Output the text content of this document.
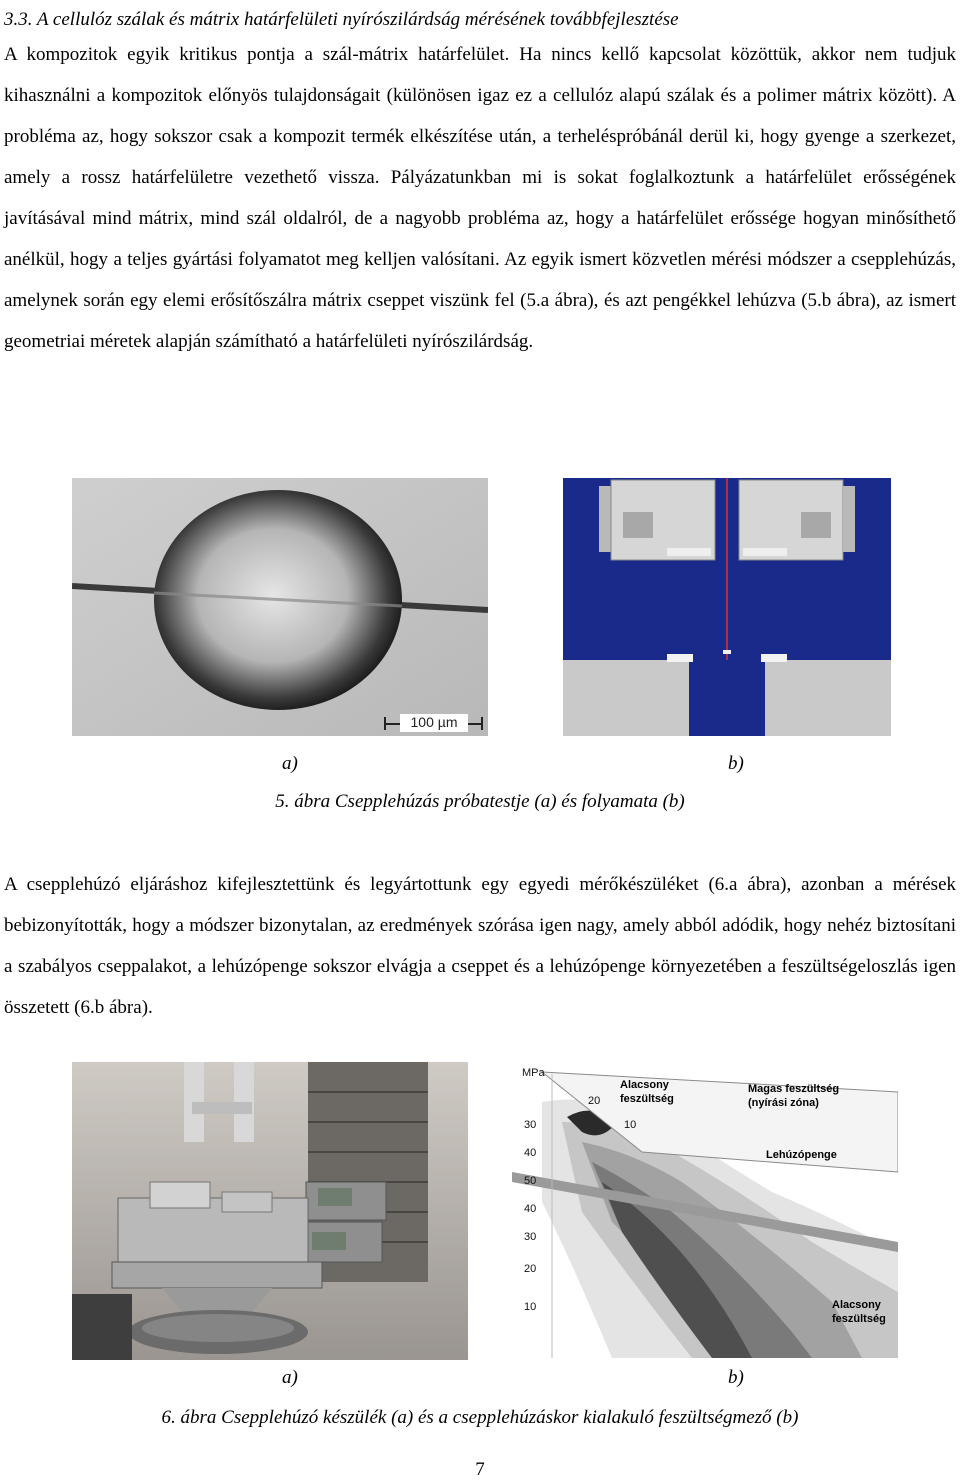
3.3. A cellulóz szálak és mátrix határfelületi nyírószilárdság mérésének továbbfejlesztése

A kompozitok egyik kritikus pontja a szál-mátrix határfelület. Ha nincs kellő kapcsolat közöttük, akkor nem tudjuk kihasználni a kompozitok előnyös tulajdonságait (különösen igaz ez a cellulóz alapú szálak és a polimer mátrix között). A probléma az, hogy sokszor csak a kompozit termék elkészítése után, a terheléspróbánál derül ki, hogy gyenge a szerkezet, amely a rossz határfelületre vezethető vissza. Pályázatunkban mi is sokat foglalkoztunk a határfelület erősségének javításával mind mátrix, mind szál oldalról, de a nagyobb probléma az, hogy a határfelület erőssége hogyan minősíthető anélkül, hogy a teljes gyártási folyamatot meg kelljen valósítani. Az egyik ismert közvetlen mérési módszer a csepplehúzás, amelynek során egy elemi erősítőszálra mátrix cseppet viszünk fel (5.a ábra), és azt pengékkel lehúzva (5.b ábra), az ismert geometriai méretek alapján számítható a határfelületi nyírószilárdság.

100 µm
a)	b)
5. ábra Csepplehúzás próbatestje (a) és folyamata (b)

A csepplehúzó eljáráshoz kifejlesztettünk és legyártottunk egy egyedi mérőkészüléket (6.a ábra), azonban a mérések bebizonyították, hogy a módszer bizonytalan, az eredmények szórása igen nagy, amely abból adódik, hogy nehéz biztosítani a szabályos cseppalakot, a lehúzópenge sokszor elvágja a cseppet és a lehúzópenge környezetében a feszültségeloszlás igen összetett (6.b ábra).

MPa
20
10
30
40
50
40
30
20
10
Alacsony feszültség
Magas feszültség (nyírási zóna)
Lehúzópenge
Alacsony feszültség
a)	b)
6. ábra Csepplehúzó készülék (a) és a csepplehúzáskor kialakuló feszültségmező (b)
7
